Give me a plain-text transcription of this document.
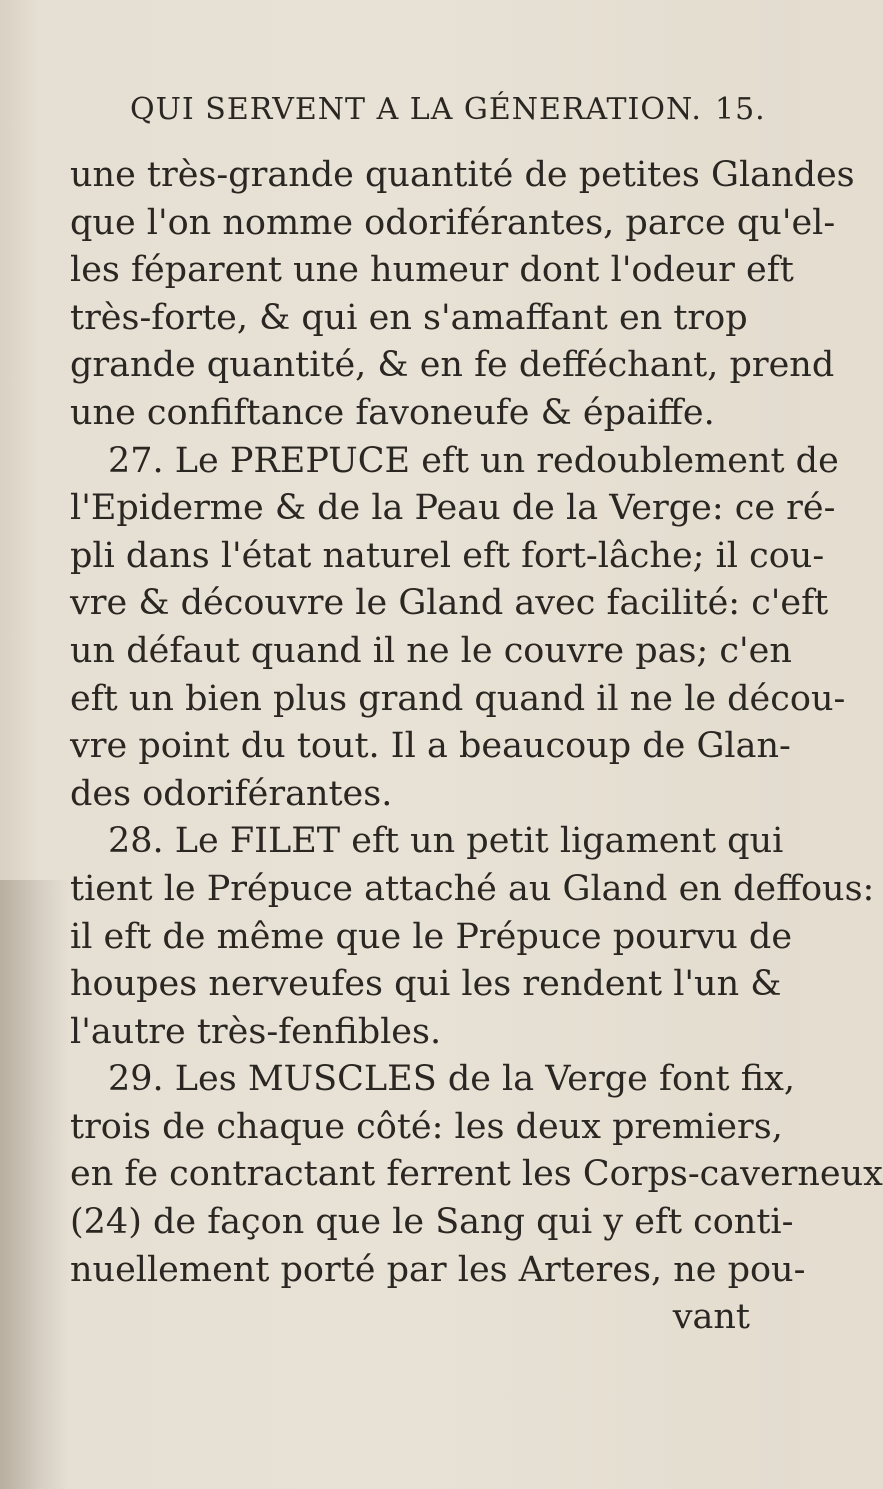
QUI SERVENT A LA GÉNERATION. 15.
une très-grande quantité de petites Glandes
que l'on nomme odoriférantes, parce qu'el-
les féparent une humeur dont l'odeur eft
très-forte, & qui en s'amaffant en trop
grande quantité, & en fe defféchant, prend
une confiftance favoneufe & épaiffe.
27. Le PREPUCE eft un redoublement de
l'Epiderme & de la Peau de la Verge: ce ré-
pli dans l'état naturel eft fort-lâche; il cou-
vre & découvre le Gland avec facilité: c'eft
un défaut quand il ne le couvre pas; c'en
eft un bien plus grand quand il ne le décou-
vre point du tout. Il a beaucoup de Glan-
des odoriférantes.
28. Le FILET eft un petit ligament qui
tient le Prépuce attaché au Gland en deffous:
il eft de même que le Prépuce pourvu de
houpes nerveufes qui les rendent l'un &
l'autre très-fenfibles.
29. Les MUSCLES de la Verge font fix,
trois de chaque côté: les deux premiers,
en fe contractant ferrent les Corps-caverneux
(24) de façon que le Sang qui y eft conti-
nuellement porté par les Arteres, ne pou-
vant
